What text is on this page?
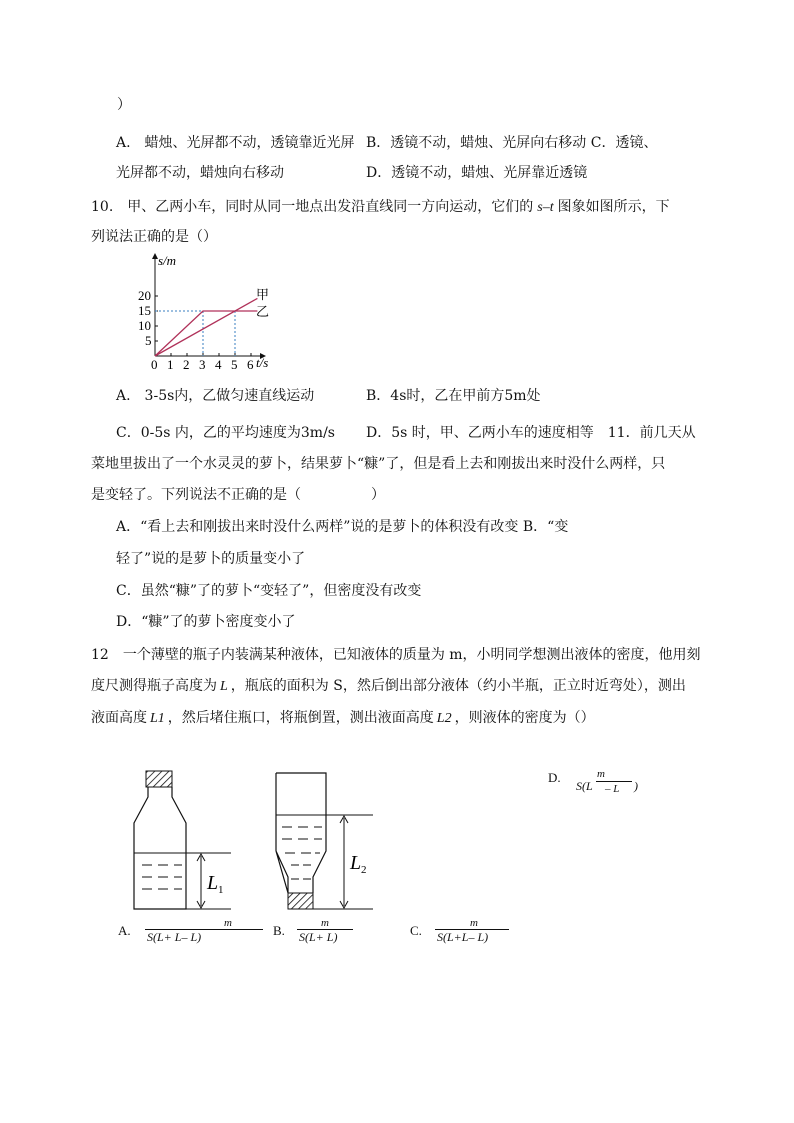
）
A.　蜡烛、光屏都不动，透镜靠近光屏 B．透镜不动，蜡烛、光屏向右移动 C．透镜、
光屏都不动，蜡烛向右移动	D．透镜不动，蜡烛、光屏靠近透镜
10.　甲、乙两小车，同时从同一地点出发沿直线同一方向运动，它们的 s–t 图象如图所示，下
列说法正确的是（）
s/m
t/s
0 1 2 3 4 5 6
5
10
15
20	甲
乙
A.　3-5s内，乙做匀速直线运动	B．4s时，乙在甲前方5m处
C．0-5s 内，乙的平均速度为3m/s D．5s 时，甲、乙两小车的速度相等　11．前几天从
菜地里拔出了一个水灵灵的萝卜，结果萝卜“糠”了，但是看上去和刚拔出来时没什么两样，只
是变轻了。下列说法不正确的是（　　　　　）
A．“看上去和刚拔出来时没什么两样”说的是萝卜的体积没有改变 B．“变
轻了”说的是萝卜的质量变小了
C．虽然“糠”了的萝卜“变轻了”，但密度没有改变
D．“糠”了的萝卜密度变小了
12　一个薄壁的瓶子内装满某种液体，已知液体的质量为 m，小明同学想测出液体的密度，他用刻
度尺测得瓶子高度为 L ，瓶底的面积为 S，然后倒出部分液体（约小半瓶，正立时近弯处），测出
液面高度 L1 ，然后堵住瓶口，将瓶倒置，测出液面高度 L2 ，则液体的密度为（）
L 1
L 2
D.	m
S(L – L )
A.	m
S(L+ L– L)	B.	m
S(L+ L)	C.	m
S(L+L– L)
